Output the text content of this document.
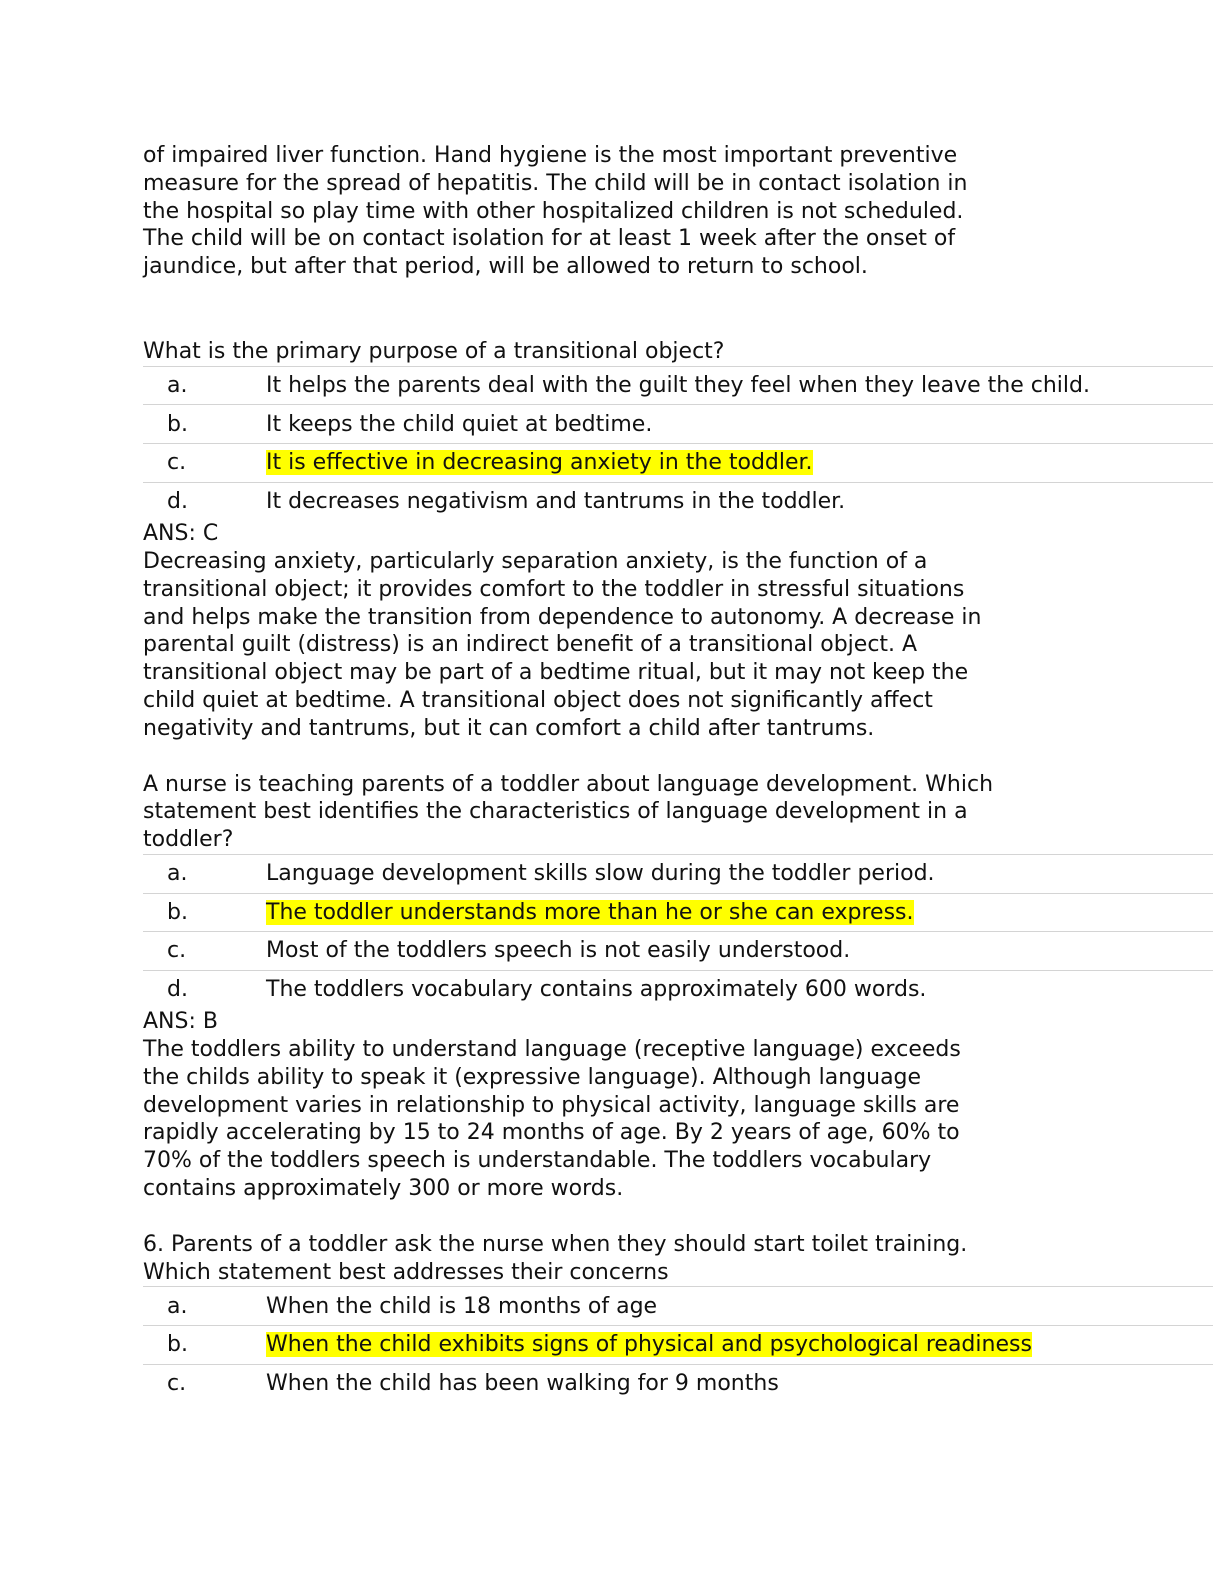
of impaired liver function. Hand hygiene is the most important preventive
measure for the spread of hepatitis. The child will be in contact isolation in
the hospital so play time with other hospitalized children is not scheduled.
The child will be on contact isolation for at least 1 week after the onset of
jaundice, but after that period, will be allowed to return to school.

What is the primary purpose of a transitional object?

a.	It helps the parents deal with the guilt they feel when they leave the child.
b.	It keeps the child quiet at bedtime.
c.	It is effective in decreasing anxiety in the toddler.
d.	It decreases negativism and tantrums in the toddler.

ANS: C

Decreasing anxiety, particularly separation anxiety, is the function of a
transitional object; it provides comfort to the toddler in stressful situations
and helps make the transition from dependence to autonomy. A decrease in
parental guilt (distress) is an indirect benefit of a transitional object. A
transitional object may be part of a bedtime ritual, but it may not keep the
child quiet at bedtime. A transitional object does not significantly affect
negativity and tantrums, but it can comfort a child after tantrums.

A nurse is teaching parents of a toddler about language development. Which
statement best identifies the characteristics of language development in a
toddler?

a.	Language development skills slow during the toddler period.
b.	The toddler understands more than he or she can express.
c.	Most of the toddlers speech is not easily understood.
d.	The toddlers vocabulary contains approximately 600 words.

ANS: B

The toddlers ability to understand language (receptive language) exceeds
the childs ability to speak it (expressive language). Although language
development varies in relationship to physical activity, language skills are
rapidly accelerating by 15 to 24 months of age. By 2 years of age, 60% to
70% of the toddlers speech is understandable. The toddlers vocabulary
contains approximately 300 or more words.

6. Parents of a toddler ask the nurse when they should start toilet training.
Which statement best addresses their concerns

a.	When the child is 18 months of age
b.	When the child exhibits signs of physical and psychological readiness
c.	When the child has been walking for 9 months
